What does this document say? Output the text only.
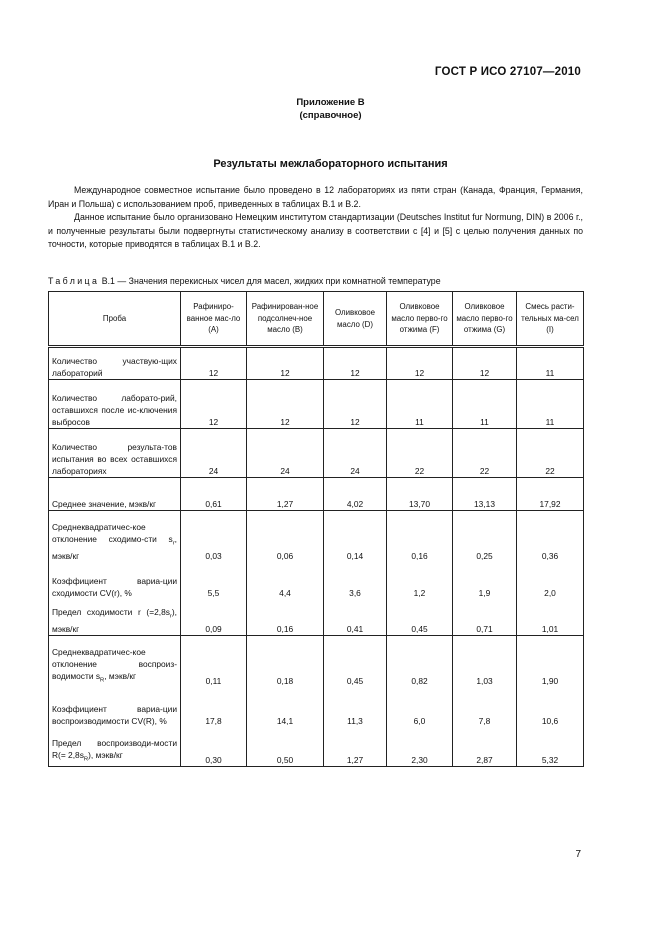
ГОСТ Р ИСО 27107—2010
Приложение В
(справочное)
Результаты межлабораторного испытания

Международное совместное испытание было проведено в 12 лабораториях из пяти стран (Канада, Франция, Германия, Иран и Польша) с использованием проб, приведенных в таблицах В.1 и В.2.

Данное испытание было организовано Немецким институтом стандартизации (Deutsches Institut fur Normung, DIN) в 2006 г., и полученные результаты были подвергнуты статистическому анализу в соответствии с [4] и [5] с целью получения данных по точности, которые приводятся в таблицах В.1 и В.2.

Таблица В.1 — Значения перекисных чисел для масел, жидких при комнатной температуре
Проба	Рафиниро-ванное мас-ло (А)	Рафинирован-ное подсолнеч-ное масло (В)	Оливковое масло (D)	Оливковое масло перво-го отжима (F)	Оливковое масло перво-го отжима (G)	Смесь расти-тельных ма-сел (I)
Количество участвую-щих лабораторий	12	12	12	12	12	11
Количество лаборато-рий, оставшихся после ис-ключения выбросов	12	12	12	11	11	11
Количество результа-тов испытания во всех оставшихся лабораториях	24	24	24	22	22	22
Среднее значение, мэкв/кг	0,61	1,27	4,02	13,70	13,13	17,92
Среднеквадратичес-кое отклонение сходимо-сти $s_r$, мэкв/кг	0,03	0,06	0,14	0,16	0,25	0,36
Коэффициент вариа-ции сходимости CV(r), %	5,5	4,4	3,6	1,2	1,9	2,0
Предел сходимости r $(=2,8s_r)$, мэкв/кг	0,09	0,16	0,41	0,45	0,71	1,01
Среднеквадратичес-кое отклонение воспроиз-водимости $s_R$, мэкв/кг	0,11	0,18	0,45	0,82	1,03	1,90
Коэффициент вариа-ции воспроизводимости CV(R), %	17,8	14,1	11,3	6,0	7,8	10,6
Предел воспроизводи-мости $R(= 2,8s_R)$, мэкв/кг	0,30	0,50	1,27	2,30	2,87	5,32
7
